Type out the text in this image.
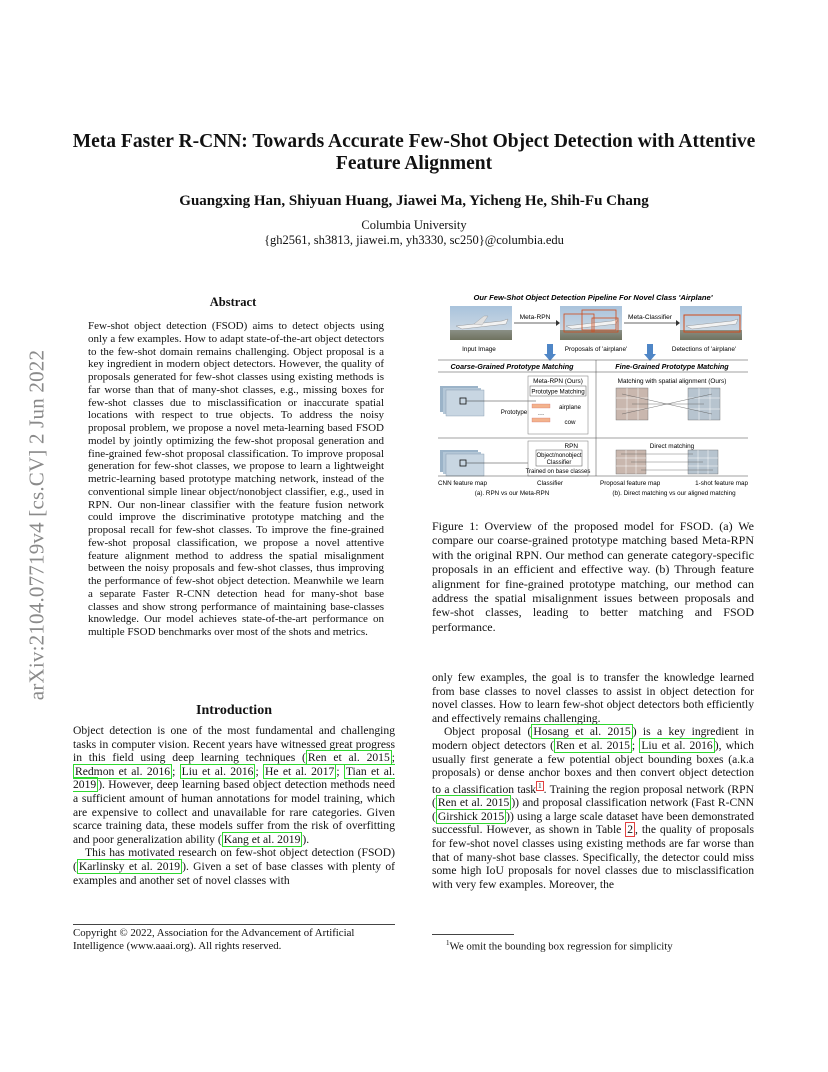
arXiv:2104.07719v4 [cs.CV] 2 Jun 2022
Meta Faster R-CNN: Towards Accurate Few-Shot Object Detection with Attentive Feature Alignment
Guangxing Han, Shiyuan Huang, Jiawei Ma, Yicheng He, Shih-Fu Chang
Columbia University
{gh2561, sh3813, jiawei.m, yh3330, sc250}@columbia.edu
Abstract

Few-shot object detection (FSOD) aims to detect objects using only a few examples. How to adapt state-of-the-art object detectors to the few-shot domain remains challenging. Object proposal is a key ingredient in modern object detectors. However, the quality of proposals generated for few-shot classes using existing methods is far worse than that of many-shot classes, e.g., missing boxes for few-shot classes due to misclassification or inaccurate spatial locations with respect to true objects. To address the noisy proposal problem, we propose a novel meta-learning based FSOD model by jointly optimizing the few-shot proposal generation and fine-grained few-shot proposal classification. To improve proposal generation for few-shot classes, we propose to learn a lightweight metric-learning based prototype matching network, instead of the conventional simple linear object/nonobject classifier, e.g., used in RPN. Our non-linear classifier with the feature fusion network could improve the discriminative prototype matching and the proposal recall for few-shot classes. To improve the fine-grained few-shot proposal classification, we propose a novel attentive feature alignment method to address the spatial misalignment between the noisy proposals and few-shot classes, thus improving the performance of few-shot object detection. Meanwhile we learn a separate Faster R-CNN detection head for many-shot base classes and show strong performance of maintaining base-classes knowledge. Our model achieves state-of-the-art performance on multiple FSOD benchmarks over most of the shots and metrics.

Introduction

Object detection is one of the most fundamental and challenging tasks in computer vision. Recent years have witnessed great progress in this field using deep learning techniques ( Ren et al. 2015 ; Redmon et al. 2016 ; Liu et al. 2016 ; He et al. 2017 ; Tian et al. 2019 ). However, deep learning based object detection methods need a sufficient amount of human annotations for model training, which are expensive to collect and unavailable for rare categories. Given scarce training data, these models suffer from the risk of overfitting and poor generalization ability ( Kang et al. 2019 ).

This has motivated research on few-shot object detection (FSOD) ( Karlinsky et al. 2019 ). Given a set of base classes with plenty of examples and another set of novel classes with

Copyright © 2022, Association for the Advancement of Artificial Intelligence (www.aaai.org). All rights reserved.
Our Few-Shot Object Detection Pipeline For Novel Class 'Airplane'
Meta-RPN	Meta-Classifier
Input Image	Proposals of 'airplane'	Detections of 'airplane'
Coarse-Grained Prototype Matching	Fine-Grained Prototype Matching
Meta-RPN (Ours)
Prototype Matching
Prototype …
airplane
cow
Matching with spatial alignment (Ours)
RPN
Object/nonobject
Classifier
Trained on base classes
Direct matching
CNN feature map	Classifier	Proposal feature map	1-shot feature map
(a). RPN vs our Meta-RPN	(b). Direct matching vs our aligned matching

Figure 1: Overview of the proposed model for FSOD. (a) We compare our coarse-grained prototype matching based Meta-RPN with the original RPN. Our method can generate category-specific proposals in an efficient and effective way. (b) Through feature alignment for fine-grained prototype matching, our method can address the spatial misalignment issues between proposals and few-shot classes, leading to better matching and FSOD performance.

only few examples, the goal is to transfer the knowledge learned from base classes to novel classes to assist in object detection for novel classes. How to learn few-shot object detectors both efficiently and effectively remains challenging.

Object proposal ( Hosang et al. 2015 ) is a key ingredient in modern object detectors ( Ren et al. 2015 ; Liu et al. 2016 ), which usually first generate a few potential object bounding boxes (a.k.a proposals) or dense anchor boxes and then convert object detection to a classification task $^1$ . Training the region proposal network (RPN ( Ren et al. 2015 )) and proposal classification network (Fast R-CNN ( Girshick 2015 )) using a large scale dataset have been demonstrated successful. However, as shown in Table 2 , the quality of proposals for few-shot novel classes using existing methods are far worse than that of many-shot base classes. Specifically, the detector could miss some high IoU proposals for novel classes due to misclassification with very few examples. Moreover, the

$^1$We omit the bounding box regression for simplicity
